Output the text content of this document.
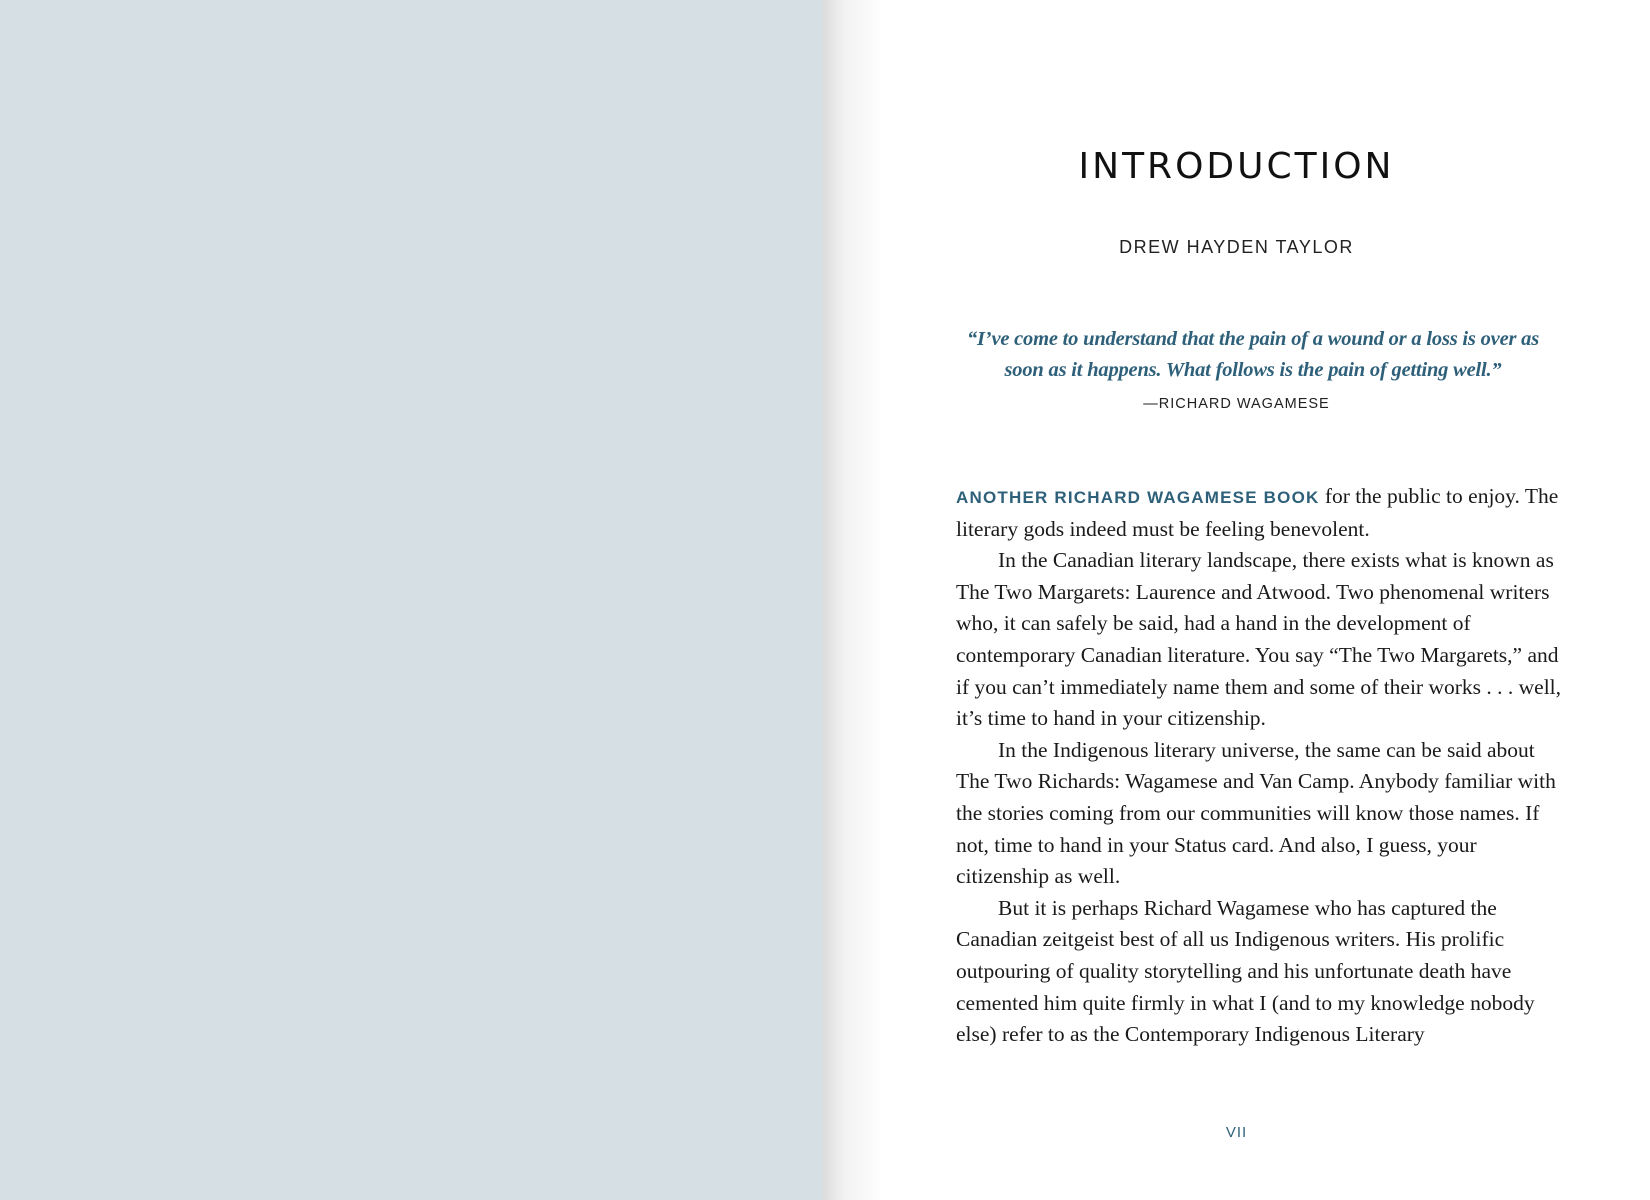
INTRODUCTION
DREW HAYDEN TAYLOR
“I’ve come to understand that the pain of a wound or a loss is over as soon as it happens. What follows is the pain of getting well.”
—RICHARD WAGAMESE

ANOTHER RICHARD WAGAMESE BOOK for the public to enjoy. The literary gods indeed must be feeling benevolent.

In the Canadian literary landscape, there exists what is known as The Two Margarets: Laurence and Atwood. Two phenomenal writers who, it can safely be said, had a hand in the development of contemporary Canadian literature. You say “The Two Margarets,” and if you can’t immediately name them and some of their works . . . well, it’s time to hand in your citizenship.

In the Indigenous literary universe, the same can be said about The Two Richards: Wagamese and Van Camp. Anybody familiar with the stories coming from our communities will know those names. If not, time to hand in your Status card. And also, I guess, your citizenship as well.

But it is perhaps Richard Wagamese who has captured the Canadian zeitgeist best of all us Indigenous writers. His prolific outpouring of quality storytelling and his unfortunate death have cemented him quite firmly in what I (and to my knowledge nobody else) refer to as the Contemporary Indigenous Literary

VII
